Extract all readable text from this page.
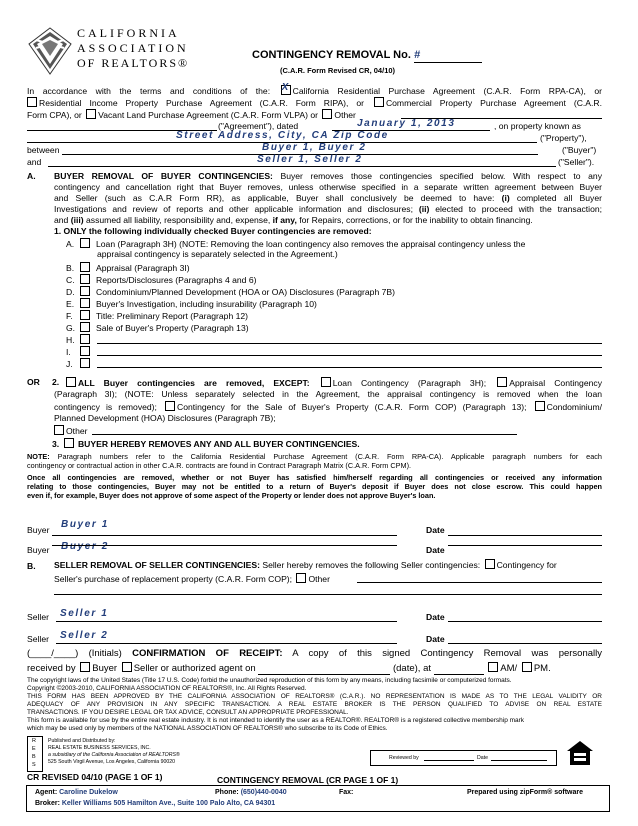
CALIFORNIA
ASSOCIATION
OF REALTORS®
CONTINGENCY REMOVAL No. #
(C.A.R. Form Revised CR, 04/10)
In accordance with the terms and conditions of the: X	California Residential Purchase Agreement (C.A.R. Form RPA-CA), or
Residential Income Property Purchase Agreement (C.A.R. Form RIPA), or	Commercial Property Purchase Agreement (C.A.R.
Form CPA), or Vacant Land Purchase Agreement (C.A.R. Form VLPA) or Other
("Agreement"), dated	January 1, 2013	, on property known as
Street Address, City, CA Zip Code	("Property"),
between	Buyer 1, Buyer 2	("Buyer")
and	Seller 1, Seller 2	("Seller").
A. BUYER REMOVAL OF BUYER CONTINGENCIES: Buyer removes those contingencies specified below. With respect to any
contingency and cancellation right that Buyer removes, unless otherwise specified in a separate written agreement between Buyer
and Seller (such as C.A.R Form RR), as applicable, Buyer shall conclusively be deemed to have: (i) completed all Buyer
Investigations and review of reports and other applicable information and disclosures; (ii) elected to proceed with the transaction;
and (iii) assumed all liability, responsibility and, expense, if any, for Repairs, corrections, or for the inability to obtain financing.
1. ONLY the following individually checked Buyer contingencies are removed:
A.	Loan (Paragraph 3H) (NOTE: Removing the loan contingency also removes the appraisal contingency unless the
appraisal contingency is separately selected in the Agreement.)
B.	Appraisal (Paragraph 3I)
C. Reports/Disclosures (Paragraphs 4 and 6)
D. Condominium/Planned Development (HOA or OA) Disclosures (Paragraph 7B)
E.	Buyer's Investigation, including insurability (Paragraph 10)
F.	Title: Preliminary Report (Paragraph 12)
G. Sale of Buyer's Property (Paragraph 13)
H.
I.
J.
OR 2.	ALL Buyer contingencies are removed, EXCEPT:	Loan Contingency (Paragraph 3H);	Appraisal Contingency
(Paragraph 3I); (NOTE: Unless separately selected in the Agreement, the appraisal contingency is removed when the loan
contingency is removed); Contingency for the Sale of Buyer's Property (C.A.R. Form COP) (Paragraph 13); Condominium/
Planned Development (HOA) Disclosures (Paragraph 7B);
Other
3. BUYER HEREBY REMOVES ANY AND ALL BUYER CONTINGENCIES.
NOTE: Paragraph numbers refer to the California Residential Purchase Agreement (C.A.R. Form RPA-CA). Applicable paragraph numbers for each
contingency or contractual action in other C.A.R. contracts are found in Contract Paragraph Matrix (C.A.R. Form CPM).
Once all contingencies are removed, whether or not Buyer has satisfied him/herself regarding all contingencies or received any information
relating to those contingencies, Buyer may not be entitled to a return of Buyer's deposit if Buyer does not close escrow. This could happen
even if, for example, Buyer does not approve of some aspect of the Property or lender does not approve Buyer's loan.
Buyer Buyer 1	Date
Buyer Buyer 2	Date
B. SELLER REMOVAL OF SELLER CONTINGENCIES: Seller hereby removes the following Seller contingencies: Contingency for
Seller's purchase of replacement property (C.A.R. Form COP); Other
Seller Seller 1	Date
Seller Seller 2	Date
(____/____) (Initials) CONFIRMATION OF RECEIPT: A copy of this signed Contingency Removal was personally
received by Buyer Seller or authorized agent on	(date), at	AM/ PM.
The copyright laws of the United States (Title 17 U.S. Code) forbid the unauthorized reproduction of this form by any means, including facsimile or computerized formats.
Copyright ©2003-2010, CALIFORNIA ASSOCIATION OF REALTORS®, Inc. All Rights Reserved.
THIS FORM HAS BEEN APPROVED BY THE CALIFORNIA ASSOCIATION OF REALTORS® (C.A.R.). NO REPRESENTATION IS MADE AS TO THE LEGAL VALIDITY OR
ADEQUACY OF ANY PROVISION IN ANY SPECIFIC TRANSACTION. A REAL ESTATE BROKER IS THE PERSON QUALIFIED TO ADVISE ON REAL ESTATE
TRANSACTIONS. IF YOU DESIRE LEGAL OR TAX ADVICE, CONSULT AN APPROPRIATE PROFESSIONAL.
This form is available for use by the entire real estate industry. It is not intended to identify the user as a REALTOR®. REALTOR® is a registered collective membership mark
which may be used only by members of the NATIONAL ASSOCIATION OF REALTORS® who subscribe to its Code of Ethics.
R
E
B
S
Published and Distributed by:
REAL ESTATE BUSINESS SERVICES, INC.
a subsidiary of the California Association of REALTORS®
525 South Virgil Avenue, Los Angeles, California 90020
Reviewed by	Date
CR REVISED 04/10 (PAGE 1 OF 1)	CONTINGENCY REMOVAL (CR PAGE 1 OF 1)
Agent: Caroline Dukelow	Phone: (650)440-0040	Fax:	Prepared using zipForm® software
Broker: Keller Williams 505 Hamilton Ave., Suite 100 Palo Alto, CA 94301
